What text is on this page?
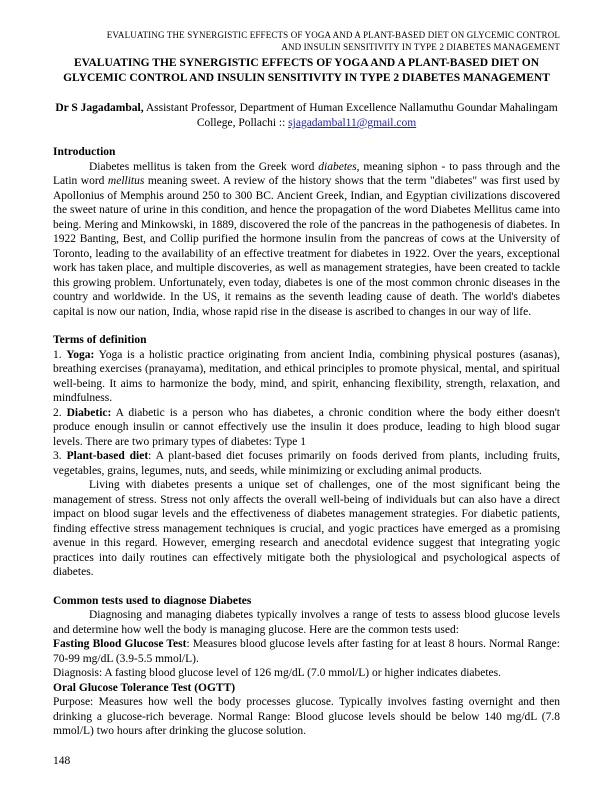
EVALUATING THE SYNERGISTIC EFFECTS OF YOGA AND A PLANT-BASED DIET ON GLYCEMIC CONTROL
AND INSULIN SENSITIVITY IN TYPE 2 DIABETES MANAGEMENT
EVALUATING THE SYNERGISTIC EFFECTS OF YOGA AND A PLANT-BASED DIET ON GLYCEMIC CONTROL AND INSULIN SENSITIVITY IN TYPE 2 DIABETES MANAGEMENT
Dr S Jagadambal, Assistant Professor, Department of Human Excellence Nallamuthu Goundar Mahalingam College, Pollachi :: sjagadambal11@gmail.com

Introduction

Diabetes mellitus is taken from the Greek word diabetes, meaning siphon - to pass through and the Latin word mellitus meaning sweet. A review of the history shows that the term "diabetes" was first used by Apollonius of Memphis around 250 to 300 BC. Ancient Greek, Indian, and Egyptian civilizations discovered the sweet nature of urine in this condition, and hence the propagation of the word Diabetes Mellitus came into being. Mering and Minkowski, in 1889, discovered the role of the pancreas in the pathogenesis of diabetes. In 1922 Banting, Best, and Collip purified the hormone insulin from the pancreas of cows at the University of Toronto, leading to the availability of an effective treatment for diabetes in 1922. Over the years, exceptional work has taken place, and multiple discoveries, as well as management strategies, have been created to tackle this growing problem. Unfortunately, even today, diabetes is one of the most common chronic diseases in the country and worldwide. In the US, it remains as the seventh leading cause of death. The world's diabetes capital is now our nation, India, whose rapid rise in the disease is ascribed to changes in our way of life.

Terms of definition

1. Yoga: Yoga is a holistic practice originating from ancient India, combining physical postures (asanas), breathing exercises (pranayama), meditation, and ethical principles to promote physical, mental, and spiritual well-being. It aims to harmonize the body, mind, and spirit, enhancing flexibility, strength, relaxation, and mindfulness.

2. Diabetic: A diabetic is a person who has diabetes, a chronic condition where the body either doesn't produce enough insulin or cannot effectively use the insulin it does produce, leading to high blood sugar levels. There are two primary types of diabetes: Type 1

3. Plant-based diet: A plant-based diet focuses primarily on foods derived from plants, including fruits, vegetables, grains, legumes, nuts, and seeds, while minimizing or excluding animal products.

Living with diabetes presents a unique set of challenges, one of the most significant being the management of stress. Stress not only affects the overall well-being of individuals but can also have a direct impact on blood sugar levels and the effectiveness of diabetes management strategies. For diabetic patients, finding effective stress management techniques is crucial, and yogic practices have emerged as a promising avenue in this regard. However, emerging research and anecdotal evidence suggest that integrating yogic practices into daily routines can effectively mitigate both the physiological and psychological aspects of diabetes.

Common tests used to diagnose Diabetes

Diagnosing and managing diabetes typically involves a range of tests to assess blood glucose levels and determine how well the body is managing glucose. Here are the common tests used:

Fasting Blood Glucose Test: Measures blood glucose levels after fasting for at least 8 hours. Normal Range: 70-99 mg/dL (3.9-5.5 mmol/L).

Diagnosis: A fasting blood glucose level of 126 mg/dL (7.0 mmol/L) or higher indicates diabetes.

Oral Glucose Tolerance Test (OGTT)

Purpose: Measures how well the body processes glucose. Typically involves fasting overnight and then drinking a glucose-rich beverage. Normal Range: Blood glucose levels should be below 140 mg/dL (7.8 mmol/L) two hours after drinking the glucose solution.

148
